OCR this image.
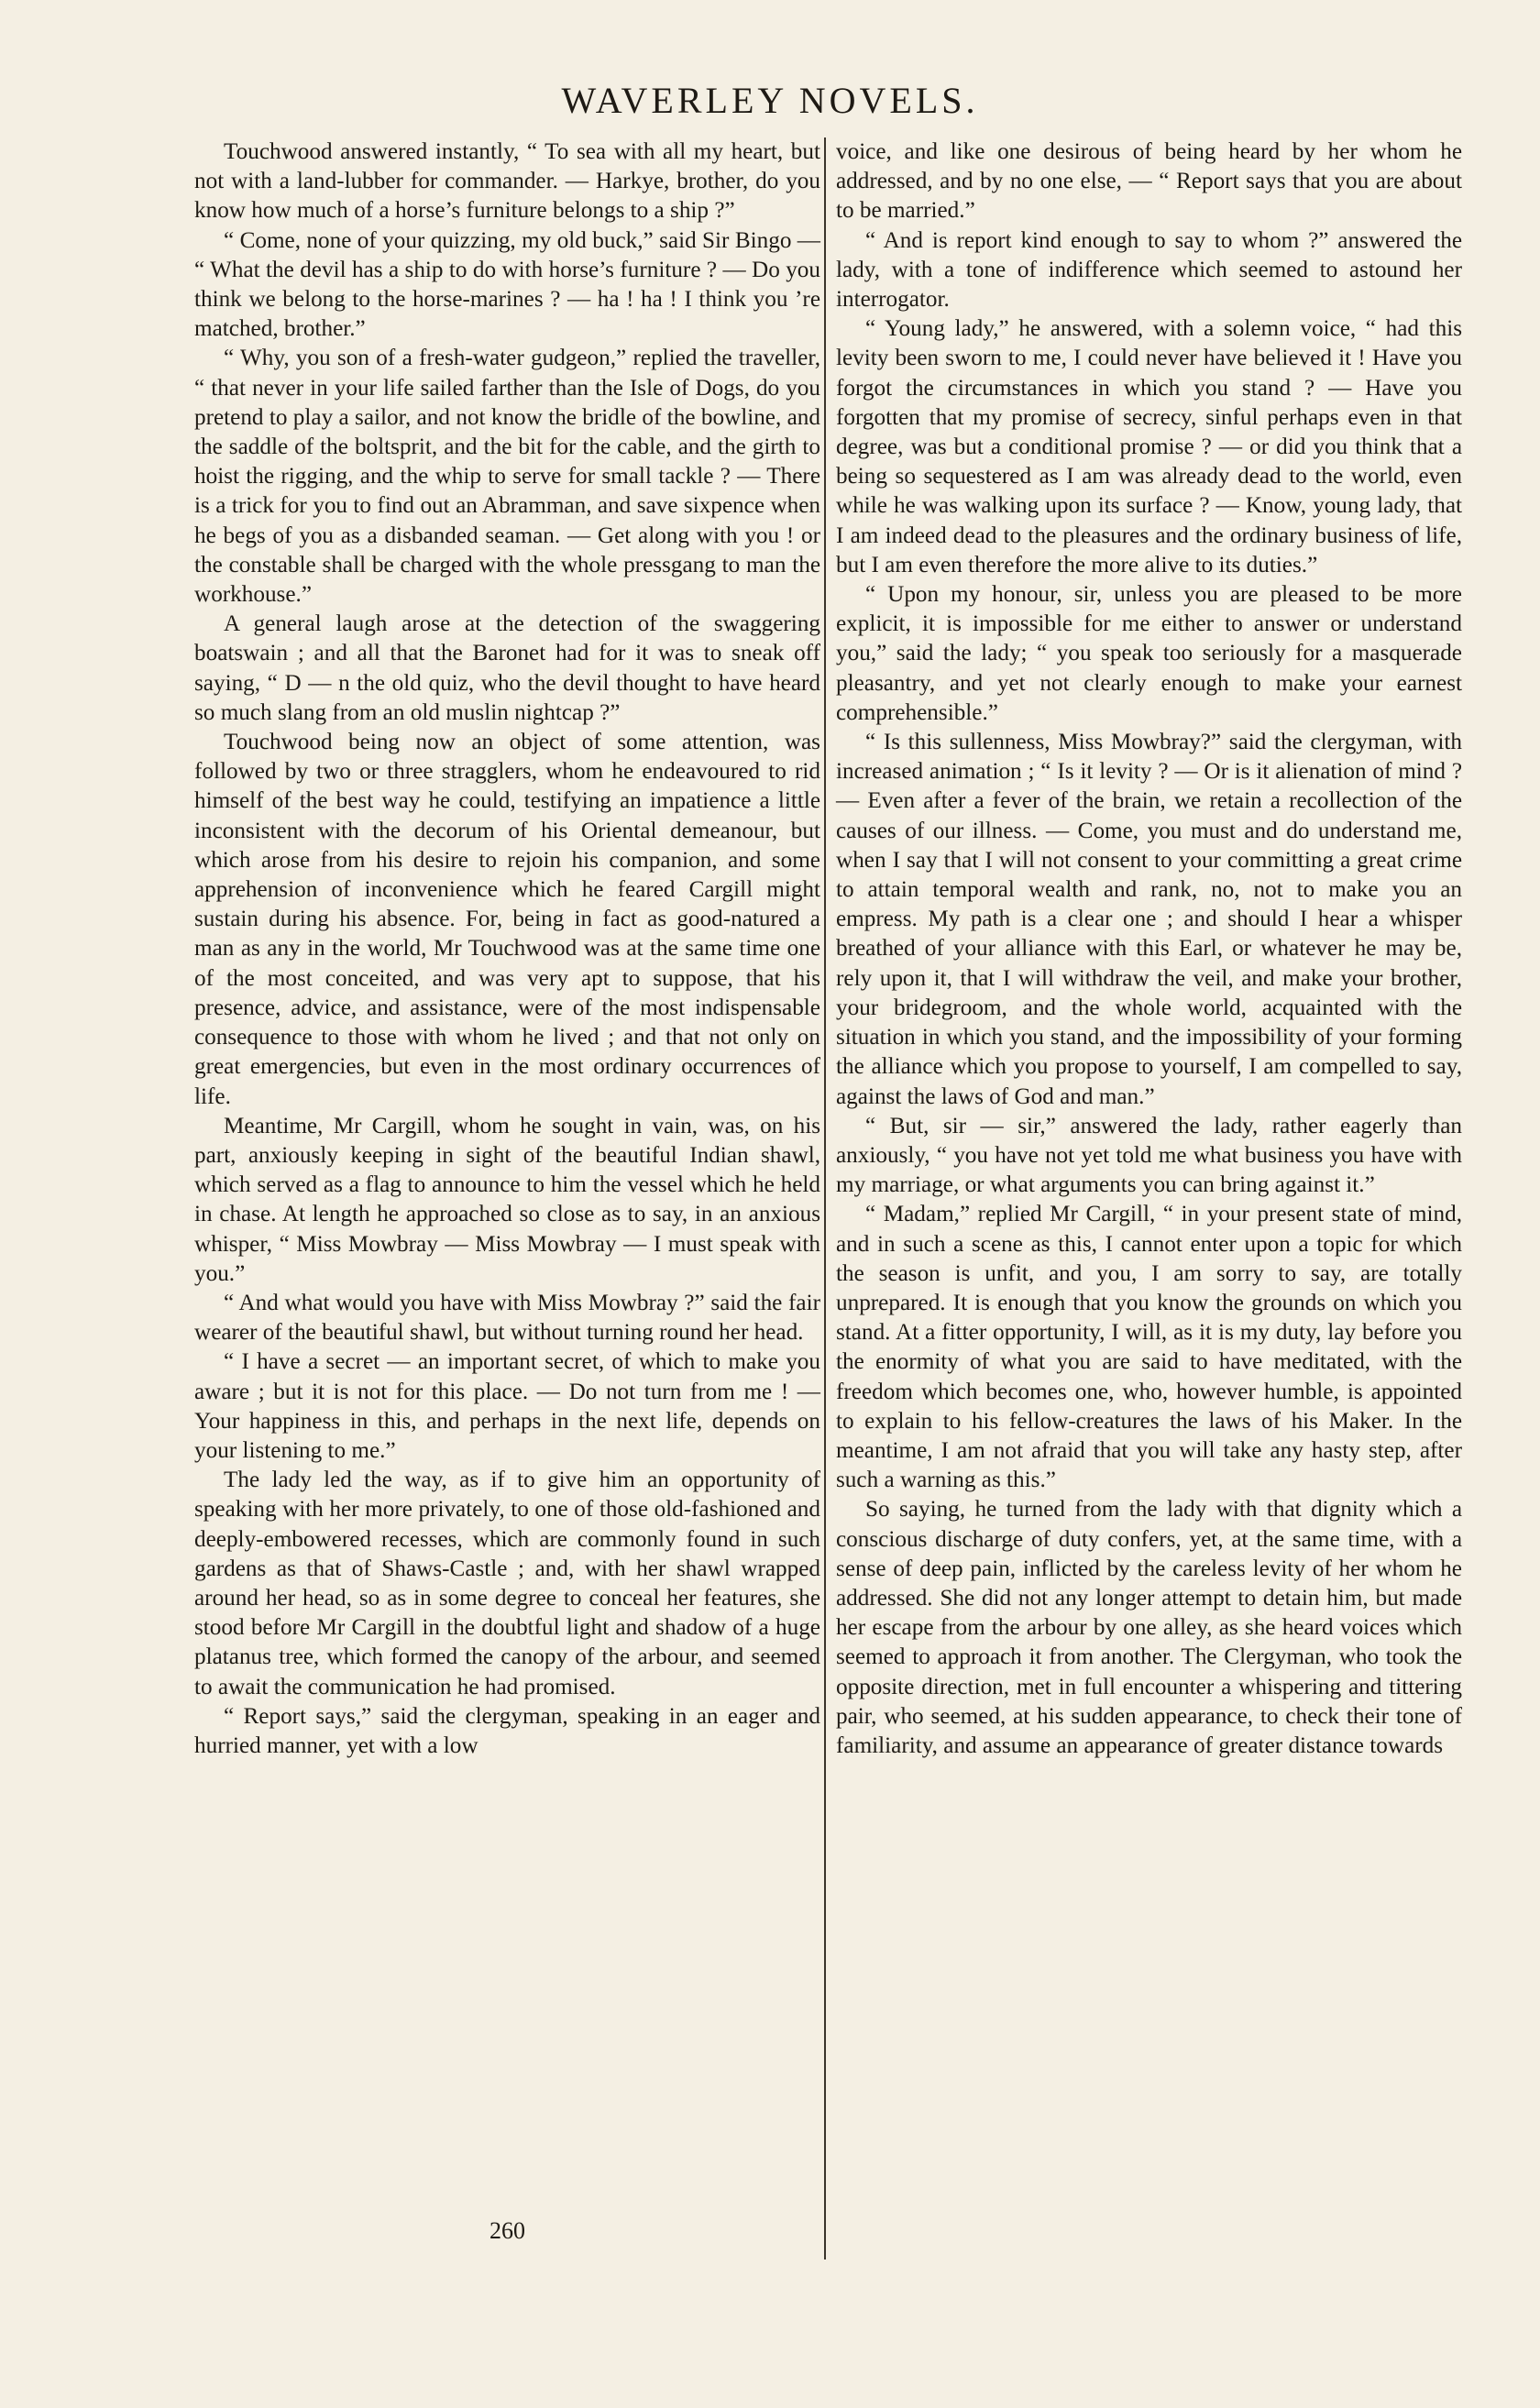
WAVERLEY NOVELS.

Touchwood answered instantly, “ To sea with all my heart, but not with a land-lubber for commander. — Harkye, brother, do you know how much of a horse’s furniture belongs to a ship ?”

“ Come, none of your quizzing, my old buck,” said Sir Bingo — “ What the devil has a ship to do with horse’s furniture ? — Do you think we belong to the horse-marines ? — ha ! ha ! I think you ’re matched, brother.”

“ Why, you son of a fresh-water gudgeon,” replied the traveller, “ that never in your life sailed farther than the Isle of Dogs, do you pretend to play a sailor, and not know the bridle of the bowline, and the saddle of the boltsprit, and the bit for the cable, and the girth to hoist the rigging, and the whip to serve for small tackle ? — There is a trick for you to find out an Abramman, and save sixpence when he begs of you as a disbanded seaman. — Get along with you ! or the constable shall be charged with the whole pressgang to man the workhouse.”

A general laugh arose at the detection of the swaggering boatswain ; and all that the Baronet had for it was to sneak off saying, “ D — n the old quiz, who the devil thought to have heard so much slang from an old muslin nightcap ?”

Touchwood being now an object of some attention, was followed by two or three stragglers, whom he endeavoured to rid himself of the best way he could, testifying an impatience a little inconsistent with the decorum of his Oriental demeanour, but which arose from his desire to rejoin his companion, and some apprehension of inconvenience which he feared Cargill might sustain during his absence. For, being in fact as good-natured a man as any in the world, Mr Touchwood was at the same time one of the most conceited, and was very apt to suppose, that his presence, advice, and assistance, were of the most indispensable consequence to those with whom he lived ; and that not only on great emergencies, but even in the most ordinary occurrences of life.

Meantime, Mr Cargill, whom he sought in vain, was, on his part, anxiously keeping in sight of the beautiful Indian shawl, which served as a flag to announce to him the vessel which he held in chase. At length he approached so close as to say, in an anxious whisper, “ Miss Mowbray — Miss Mowbray — I must speak with you.”

“ And what would you have with Miss Mowbray ?” said the fair wearer of the beautiful shawl, but without turning round her head.

“ I have a secret — an important secret, of which to make you aware ; but it is not for this place. — Do not turn from me ! — Your happiness in this, and perhaps in the next life, depends on your listening to me.”

The lady led the way, as if to give him an opportunity of speaking with her more privately, to one of those old-fashioned and deeply-embowered recesses, which are commonly found in such gardens as that of Shaws-Castle ; and, with her shawl wrapped around her head, so as in some degree to conceal her features, she stood before Mr Cargill in the doubtful light and shadow of a huge platanus tree, which formed the canopy of the arbour, and seemed to await the communication he had promised.

“ Report says,” said the clergyman, speaking in an eager and hurried manner, yet with a low

voice, and like one desirous of being heard by her whom he addressed, and by no one else, — “ Report says that you are about to be married.”

“ And is report kind enough to say to whom ?” answered the lady, with a tone of indifference which seemed to astound her interrogator.

“ Young lady,” he answered, with a solemn voice, “ had this levity been sworn to me, I could never have believed it ! Have you forgot the circumstances in which you stand ? — Have you forgotten that my promise of secrecy, sinful perhaps even in that degree, was but a conditional promise ? — or did you think that a being so sequestered as I am was already dead to the world, even while he was walking upon its surface ? — Know, young lady, that I am indeed dead to the pleasures and the ordinary business of life, but I am even therefore the more alive to its duties.”

“ Upon my honour, sir, unless you are pleased to be more explicit, it is impossible for me either to answer or understand you,” said the lady; “ you speak too seriously for a masquerade pleasantry, and yet not clearly enough to make your earnest comprehensible.”

“ Is this sullenness, Miss Mowbray?” said the clergyman, with increased animation ; “ Is it levity ? — Or is it alienation of mind ? — Even after a fever of the brain, we retain a recollection of the causes of our illness. — Come, you must and do understand me, when I say that I will not consent to your committing a great crime to attain temporal wealth and rank, no, not to make you an empress. My path is a clear one ; and should I hear a whisper breathed of your alliance with this Earl, or whatever he may be, rely upon it, that I will withdraw the veil, and make your brother, your bridegroom, and the whole world, acquainted with the situation in which you stand, and the impossibility of your forming the alliance which you propose to yourself, I am compelled to say, against the laws of God and man.”

“ But, sir — sir,” answered the lady, rather eagerly than anxiously, “ you have not yet told me what business you have with my marriage, or what arguments you can bring against it.”

“ Madam,” replied Mr Cargill, “ in your present state of mind, and in such a scene as this, I cannot enter upon a topic for which the season is unfit, and you, I am sorry to say, are totally unprepared. It is enough that you know the grounds on which you stand. At a fitter opportunity, I will, as it is my duty, lay before you the enormity of what you are said to have meditated, with the freedom which becomes one, who, however humble, is appointed to explain to his fellow-creatures the laws of his Maker. In the meantime, I am not afraid that you will take any hasty step, after such a warning as this.”

So saying, he turned from the lady with that dignity which a conscious discharge of duty confers, yet, at the same time, with a sense of deep pain, inflicted by the careless levity of her whom he addressed. She did not any longer attempt to detain him, but made her escape from the arbour by one alley, as she heard voices which seemed to approach it from another. The Clergyman, who took the opposite direction, met in full encounter a whispering and tittering pair, who seemed, at his sudden appearance, to check their tone of familiarity, and assume an appearance of greater distance towards

260
